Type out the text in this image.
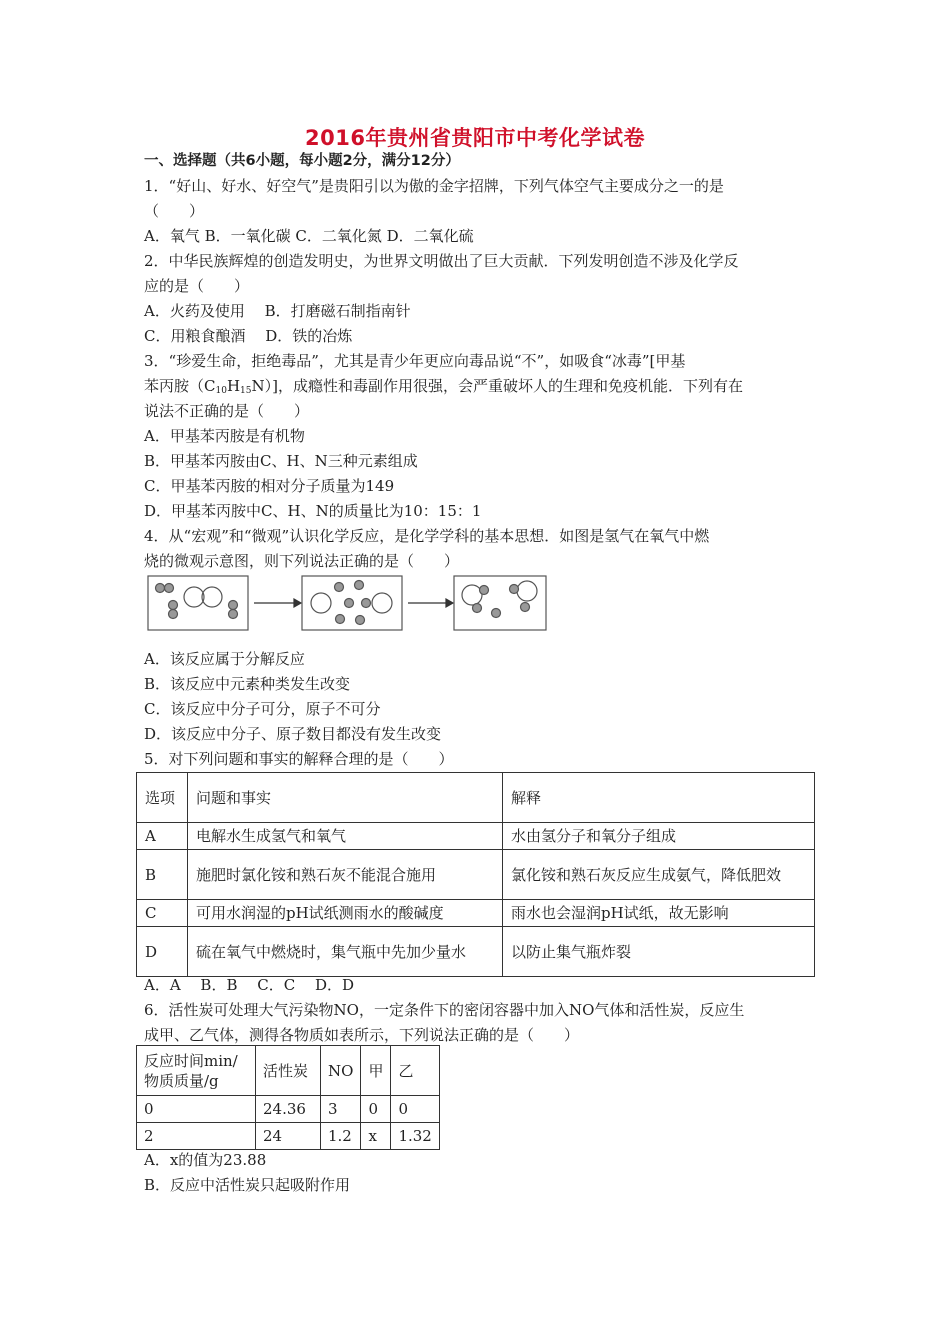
2016年贵州省贵阳市中考化学试卷
一、选择题（共6小题，每小题2分，满分12分）
1．“好山、好水、好空气”是贵阳引以为傲的金字招牌，下列气体空气主要成分之一的是
（　　）
A．氧气 B．一氧化碳 C．二氧化氮 D．二氧化硫
2．中华民族辉煌的创造发明史，为世界文明做出了巨大贡献．下列发明创造不涉及化学反
应的是（　　）
A．火药及使用　 B．打磨磁石制指南针
C．用粮食酿酒　 D．铁的冶炼
3．“珍爱生命，拒绝毒品”，尤其是青少年更应向毒品说“不”，如吸食“冰毒”[甲基
苯丙胺$(C_{10}H_{15}N)$]，成瘾性和毒副作用很强，会严重破坏人的生理和免疫机能．下列有在
说法不正确的是（　　）
A．甲基苯丙胺是有机物
B．甲基苯丙胺由C、H、N三种元素组成
C．甲基苯丙胺的相对分子质量为149
D．甲基苯丙胺中C、H、N的质量比为10：15：1
4．从“宏观”和“微观”认识化学反应，是化学学科的基本思想．如图是氢气在氧气中燃
烧的微观示意图，则下列说法正确的是（　　）
A．该反应属于分解反应
B．该反应中元素种类发生改变
C．该反应中分子可分，原子不可分
D．该反应中分子、原子数目都没有发生改变
5．对下列问题和事实的解释合理的是（　　）
选项	问题和事实	解释
A	电解水生成氢气和氧气	水由氢分子和氧分子组成
B	施肥时氯化铵和熟石灰不能混合施用	氯化铵和熟石灰反应生成氨气，降低肥效
C	可用水润湿的pH试纸测雨水的酸碱度	雨水也会湿润pH试纸，故无影响
D	硫在氧气中燃烧时，集气瓶中先加少量水	以防止集气瓶炸裂
A．A　 B．B　 C．C　 D．D
6．活性炭可处理大气污染物NO，一定条件下的密闭容器中加入NO气体和活性炭，反应生
成甲、乙气体，测得各物质如表所示，下列说法正确的是（　　）
反应时间min/物质质量/g	活性炭	NO	甲	乙
0	24.36	3	0	0
2	24	1.2	x	1.32
A．x的值为23.88
B．反应中活性炭只起吸附作用
